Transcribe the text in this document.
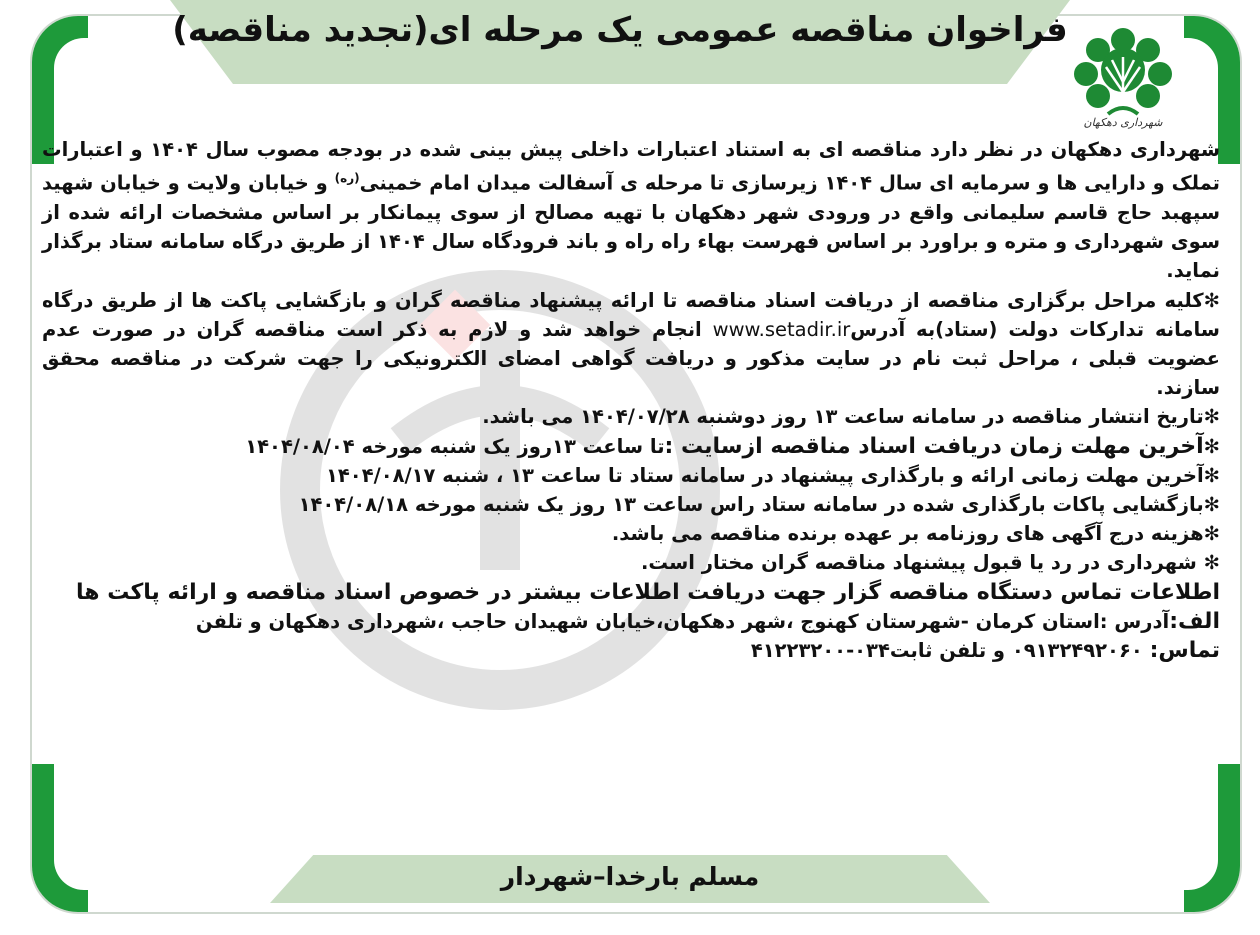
فراخوان مناقصه عمومی یک مرحله ای(تجدید مناقصه)
شهرداری دهکهان

شهرداری دهکهان در نظر دارد مناقصه ای به استناد اعتبارات داخلی پیش بینی شده در بودجه مصوب سال ۱۴۰۴ و اعتبارات تملک و دارایی ها و سرمایه ای سال ۱۴۰۴ زیرسازی تا مرحله ی آسفالت میدان امام خمینی$^{(ره)}$ و خیابان ولایت و خیابان شهید سپهبد حاج قاسم سلیمانی واقع در ورودی شهر دهکهان با تهیه مصالح از سوی پیمانکار بر اساس مشخصات ارائه شده از سوی شهرداری و متره و براورد بر اساس فهرست بهاء راه راه و باند فرودگاه سال ۱۴۰۴ از طریق درگاه سامانه ستاد برگذار نماید.

✻کلیه مراحل برگزاری مناقصه از دریافت اسناد مناقصه تا ارائه پیشنهاد مناقصه گران و بازگشایی پاکت ها از طریق درگاه سامانه تدارکات دولت (ستاد)به آدرسwww.setadir.ir انجام خواهد شد و لازم به ذکر است مناقصه گران در صورت عدم عضویت قبلی ، مراحل ثبت نام در سایت مذکور و دریافت گواهی امضای الکترونیکی را جهت شرکت در مناقصه محقق سازند.

✻تاریخ انتشار مناقصه در سامانه ساعت ۱۳ روز دوشنبه ۱۴۰۴/۰۷/۲۸ می باشد.

✻آخرین مهلت زمان دریافت اسناد مناقصه ازسایت :تا ساعت ۱۳روز یک شنبه مورخه ۱۴۰۴/۰۸/۰۴

✻آخرین مهلت زمانی ارائه و بارگذاری پیشنهاد در سامانه ستاد تا ساعت ۱۳ ، شنبه ۱۴۰۴/۰۸/۱۷

✻بازگشایی پاکات بارگذاری شده در سامانه ستاد راس ساعت ۱۳ روز یک شنبه مورخه ۱۴۰۴/۰۸/۱۸

✻هزینه درج آگهی های روزنامه بر عهده برنده مناقصه می باشد.

✻ شهرداری در رد یا قبول پیشنهاد مناقصه گران مختار است.

اطلاعات تماس دستگاه مناقصه گزار جهت دریافت اطلاعات بیشتر در خصوص اسناد مناقصه و ارائه پاکت ها

الف:آدرس :استان کرمان -شهرستان کهنوج ،شهر دهکهان،خیابان شهیدان حاجب ،شهرداری دهکهان و تلفن

تماس: ۰۹۱۳۲۴۹۲۰۶۰ و تلفن ثابت۰۳۴-۴۱۲۲۳۲۰۰

مسلم بارخدا–شهردار
